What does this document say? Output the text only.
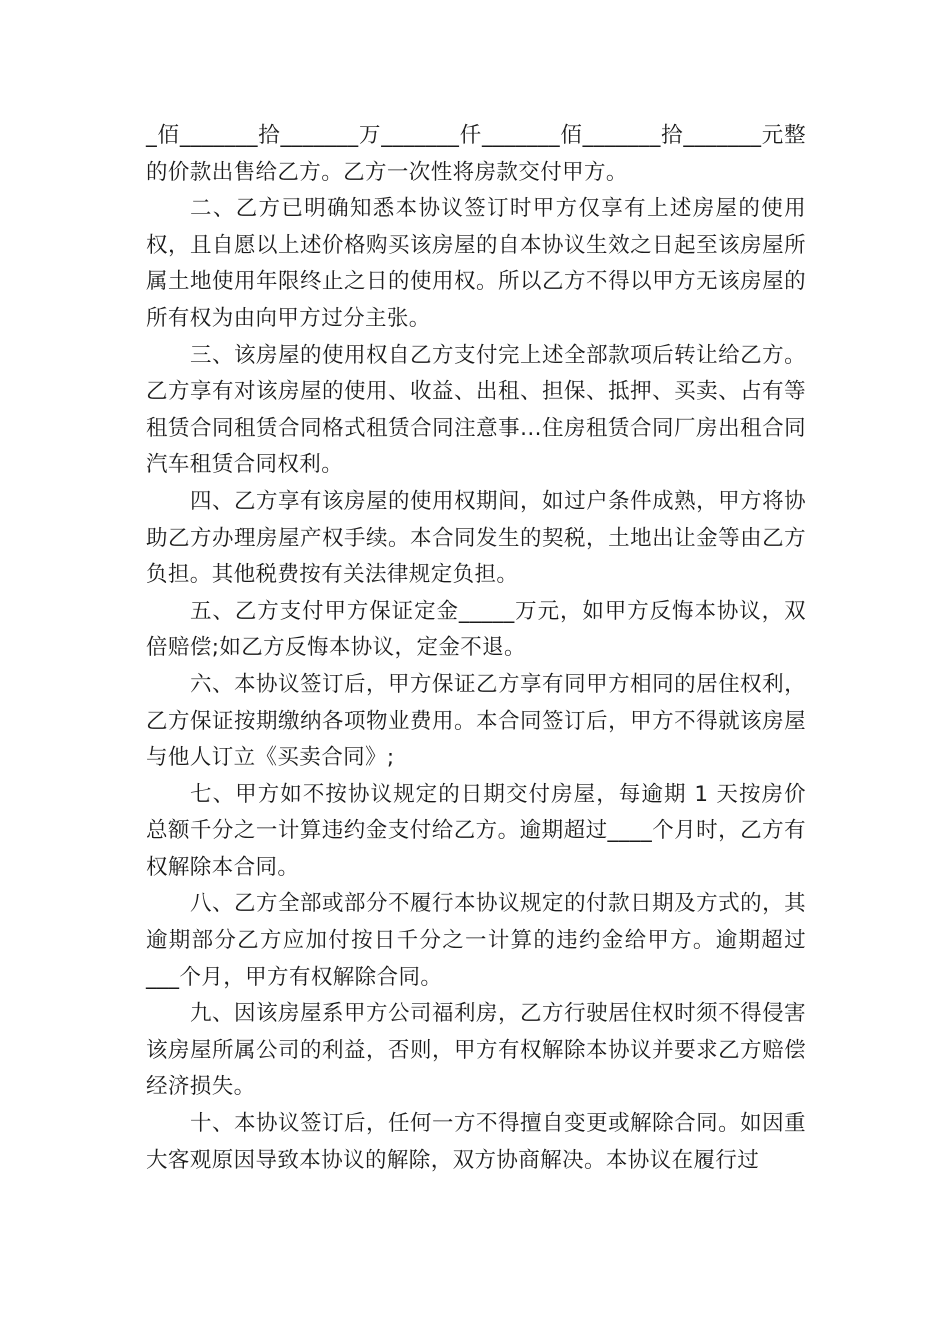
_佰_______拾_______万_______仟_______佰_______拾_______元整的价款出售给乙方。乙方一次性将房款交付甲方。

二、乙方已明确知悉本协议签订时甲方仅享有上述房屋的使用权，且自愿以上述价格购买该房屋的自本协议生效之日起至该房屋所属土地使用年限终止之日的使用权。所以乙方不得以甲方无该房屋的所有权为由向甲方过分主张。

三、该房屋的使用权自乙方支付完上述全部款项后转让给乙方。乙方享有对该房屋的使用、收益、出租、担保、抵押、买卖、占有等租赁合同租赁合同格式租赁合同注意事...住房租赁合同厂房出租合同汽车租赁合同权利。

四、乙方享有该房屋的使用权期间，如过户条件成熟，甲方将协助乙方办理房屋产权手续。本合同发生的契税，土地出让金等由乙方负担。其他税费按有关法律规定负担。

五、乙方支付甲方保证定金_____万元，如甲方反悔本协议，双倍赔偿;如乙方反悔本协议，定金不退。

六、本协议签订后，甲方保证乙方享有同甲方相同的居住权利，乙方保证按期缴纳各项物业费用。本合同签订后，甲方不得就该房屋与他人订立《买卖合同》;

七、甲方如不按协议规定的日期交付房屋，每逾期 1 天按房价总额千分之一计算违约金支付给乙方。逾期超过____个月时，乙方有权解除本合同。

八、乙方全部或部分不履行本协议规定的付款日期及方式的，其逾期部分乙方应加付按日千分之一计算的违约金给甲方。逾期超过___个月，甲方有权解除合同。

九、因该房屋系甲方公司福利房，乙方行驶居住权时须不得侵害该房屋所属公司的利益，否则，甲方有权解除本协议并要求乙方赔偿经济损失。

十、本协议签订后，任何一方不得擅自变更或解除合同。如因重大客观原因导致本协议的解除，双方协商解决。本协议在履行过
